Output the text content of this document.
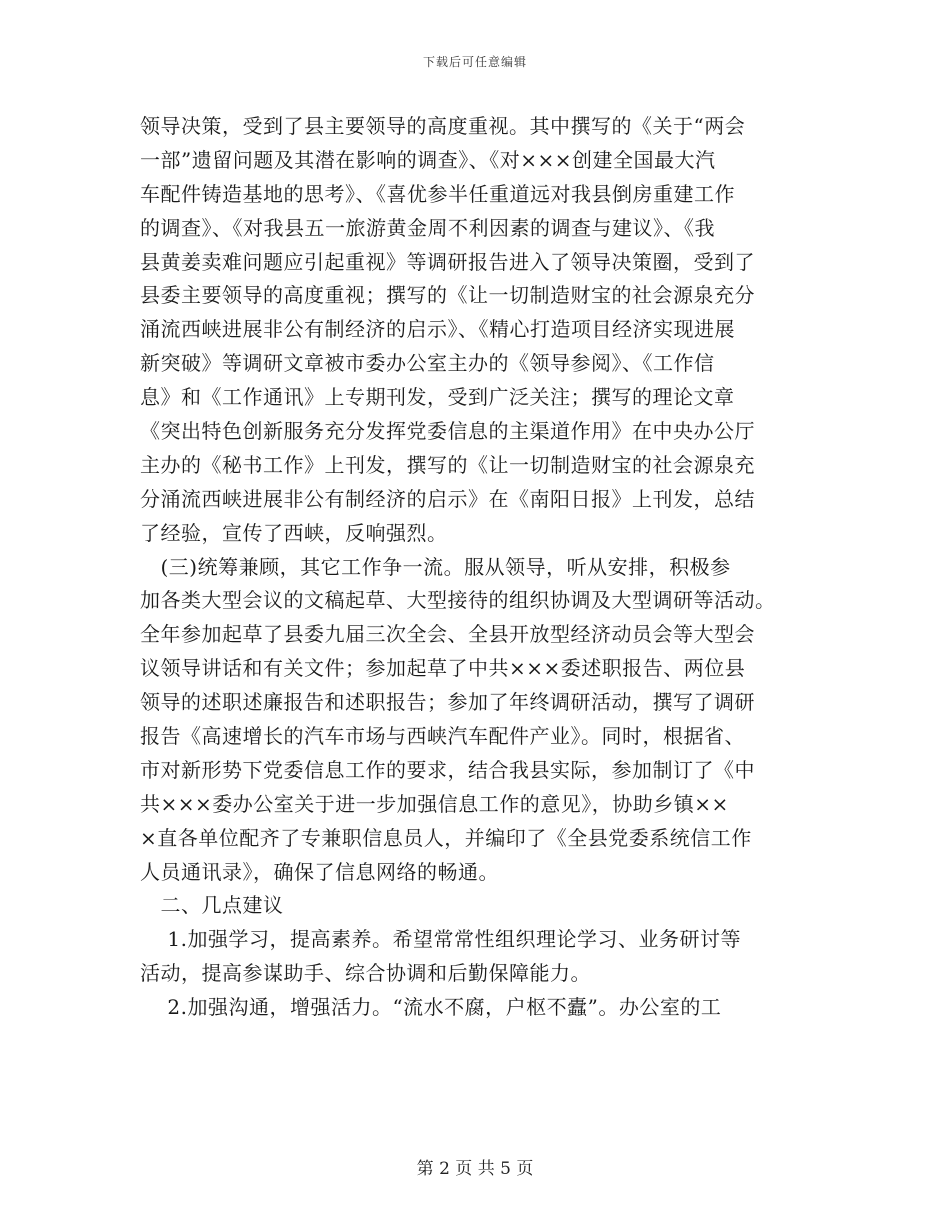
下载后可任意编辑
领导决策，受到了县主要领导的高度重视。其中撰写的《关于“两会
一部”遗留问题及其潜在影响的调查》、《对×××创建全国最大汽
车配件铸造基地的思考》、《喜优参半任重道远对我县倒房重建工作
的调查》、《对我县五一旅游黄金周不利因素的调查与建议》、《我
县黄姜卖难问题应引起重视》等调研报告进入了领导决策圈，受到了
县委主要领导的高度重视；撰写的《让一切制造财宝的社会源泉充分
涌流西峡进展非公有制经济的启示》、《精心打造项目经济实现进展
新突破》等调研文章被市委办公室主办的《领导参阅》、《工作信
息》和《工作通讯》上专期刊发，受到广泛关注；撰写的理论文章
《突出特色创新服务充分发挥党委信息的主渠道作用》在中央办公厅
主办的《秘书工作》上刊发，撰写的《让一切制造财宝的社会源泉充
分涌流西峡进展非公有制经济的启示》在《南阳日报》上刊发，总结
了经验，宣传了西峡，反响强烈。
　(三)统筹兼顾，其它工作争一流。服从领导，听从安排，积极参
加各类大型会议的文稿起草、大型接待的组织协调及大型调研等活动。
全年参加起草了县委九届三次全会、全县开放型经济动员会等大型会
议领导讲话和有关文件；参加起草了中共×××委述职报告、两位县
领导的述职述廉报告和述职报告；参加了年终调研活动，撰写了调研
报告《高速增长的汽车市场与西峡汽车配件产业》。同时，根据省、
市对新形势下党委信息工作的要求，结合我县实际，参加制订了《中
共×××委办公室关于进一步加强信息工作的意见》，协助乡镇××
×直各单位配齐了专兼职信息员人，并编印了《全县党委系统信工作
人员通讯录》，确保了信息网络的畅通。
　二、几点建议
　 1.加强学习，提高素养。希望常常性组织理论学习、业务研讨等
活动，提高参谋助手、综合协调和后勤保障能力。
　 2.加强沟通，增强活力。“流水不腐，户枢不蠹”。办公室的工
第 2 页 共 5 页
